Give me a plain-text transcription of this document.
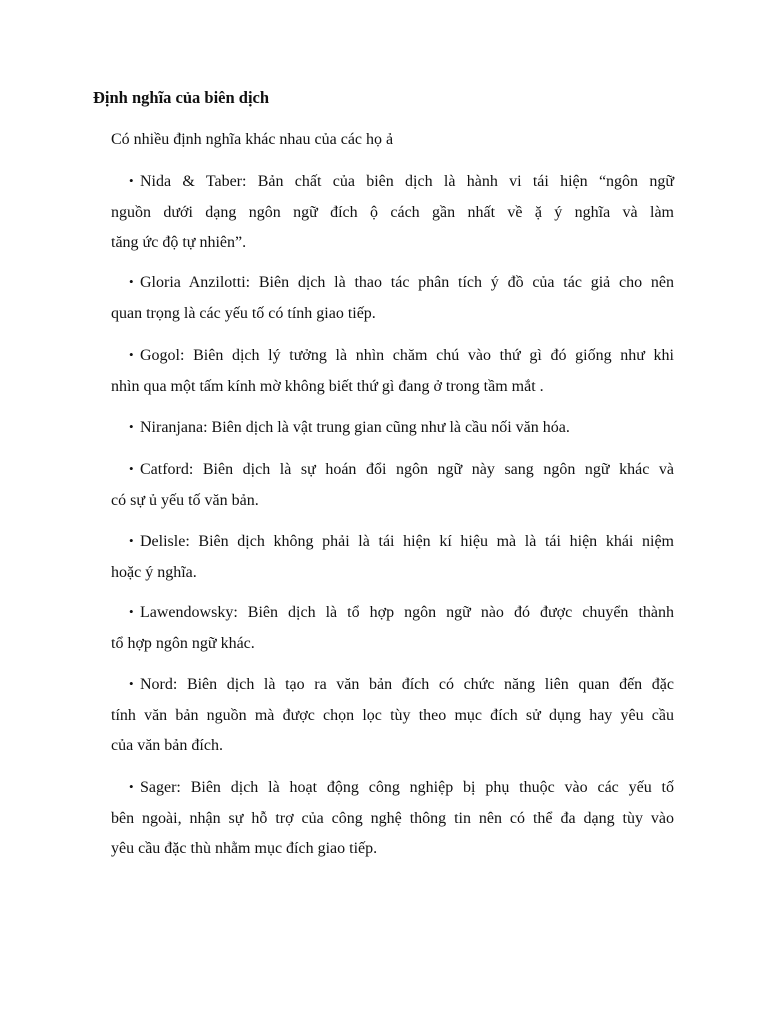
Định nghĩa của biên dịch
Có nhiều định nghĩa khác nhau của các họ ả
• Nida & Taber: Bản chất của biên dịch là hành vi tái hiện “ngôn ngữ
nguồn dưới dạng ngôn ngữ đích ộ cách gần nhất về ặ ý nghĩa và làm
tăng ức độ tự nhiên”.
• Gloria Anzilotti: Biên dịch là thao tác phân tích ý đồ của tác giả cho nên
quan trọng là các yếu tố có tính giao tiếp.
• Gogol: Biên dịch lý tưởng là nhìn chăm chú vào thứ gì đó giống như khi
nhìn qua một tấm kính mờ không biết thứ gì đang ở trong tầm mắt .
• Niranjana: Biên dịch là vật trung gian cũng như là cầu nối văn hóa.
• Catford: Biên dịch là sự hoán đổi ngôn ngữ này sang ngôn ngữ khác và
có sự ủ yếu tố văn bản.
• Delisle: Biên dịch không phải là tái hiện kí hiệu mà là tái hiện khái niệm
hoặc ý nghĩa.
• Lawendowsky: Biên dịch là tổ hợp ngôn ngữ nào đó được chuyển thành
tổ hợp ngôn ngữ khác.
• Nord: Biên dịch là tạo ra văn bản đích có chức năng liên quan đến đặc
tính văn bản nguồn mà được chọn lọc tùy theo mục đích sử dụng hay yêu cầu
của văn bản đích.
• Sager: Biên dịch là hoạt động công nghiệp bị phụ thuộc vào các yếu tố
bên ngoài, nhận sự hỗ trợ của công nghệ thông tin nên có thể đa dạng tùy vào
yêu cầu đặc thù nhằm mục đích giao tiếp.
